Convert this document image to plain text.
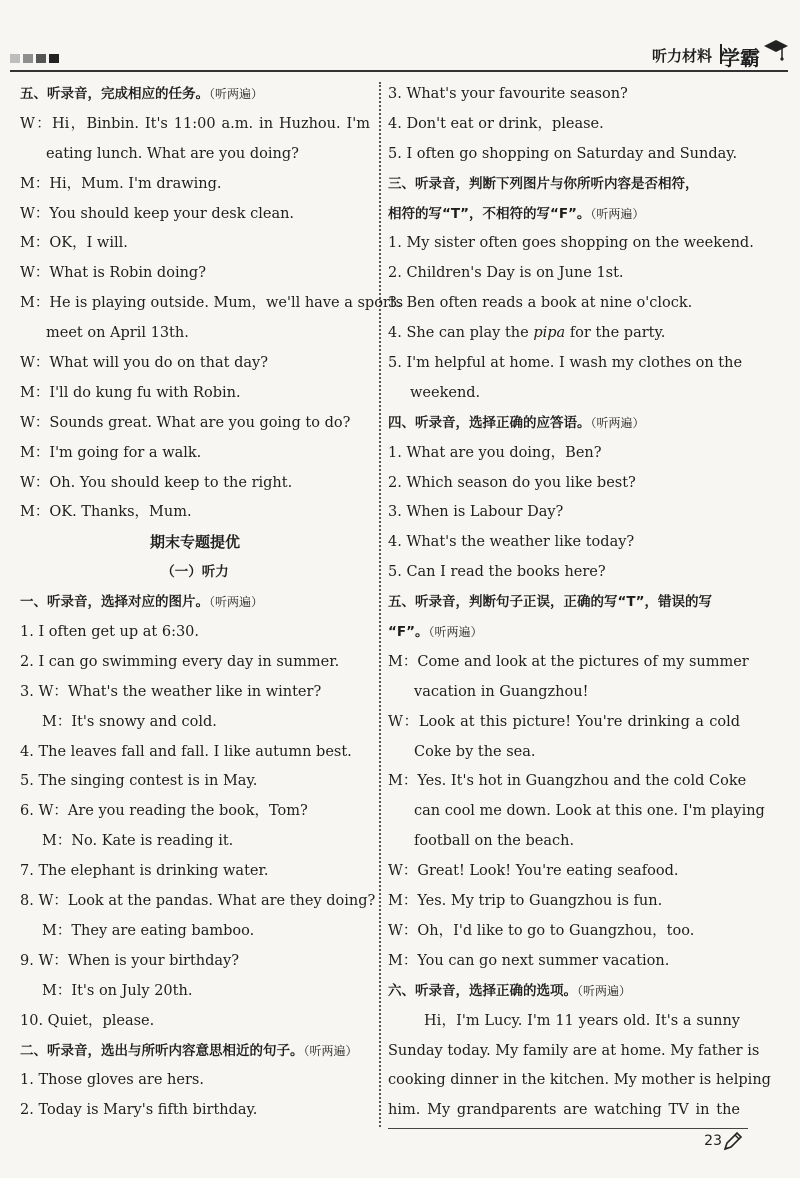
听力材料 学霸
五、听录音，完成相应的任务。（听两遍）
W：Hi，Binbin. It's 11:00 a.m. in Huzhou. I'm
eating lunch. What are you doing?
M：Hi，Mum. I'm drawing.
W：You should keep your desk clean.
M：OK，I will.
W：What is Robin doing?
M：He is playing outside. Mum，we'll have a sports
meet on April 13th.
W：What will you do on that day?
M：I'll do kung fu with Robin.
W：Sounds great. What are you going to do?
M：I'm going for a walk.
W：Oh. You should keep to the right.
M：OK. Thanks，Mum.
期末专题提优
（一）听力
一、听录音，选择对应的图片。（听两遍）
1. I often get up at 6:30.
2. I can go swimming every day in summer.
3. W：What's the weather like in winter?
M：It's snowy and cold.
4. The leaves fall and fall. I like autumn best.
5. The singing contest is in May.
6. W：Are you reading the book，Tom?
M：No. Kate is reading it.
7. The elephant is drinking water.
8. W：Look at the pandas. What are they doing?
M：They are eating bamboo.
9. W：When is your birthday?
M：It's on July 20th.
10. Quiet，please.
二、听录音，选出与所听内容意思相近的句子。（听两遍）
1. Those gloves are hers.
2. Today is Mary's fifth birthday.
3. What's your favourite season?
4. Don't eat or drink，please.
5. I often go shopping on Saturday and Sunday.
三、听录音，判断下列图片与你所听内容是否相符，
相符的写“T”，不相符的写“F”。（听两遍）
1. My sister often goes shopping on the weekend.
2. Children's Day is on June 1st.
3. Ben often reads a book at nine o'clock.
4. She can play the pipa for the party.
5. I'm helpful at home. I wash my clothes on the
weekend.
四、听录音，选择正确的应答语。（听两遍）
1. What are you doing，Ben?
2. Which season do you like best?
3. When is Labour Day?
4. What's the weather like today?
5. Can I read the books here?
五、听录音，判断句子正误，正确的写“T”，错误的写
“F”。（听两遍）
M：Come and look at the pictures of my summer
vacation in Guangzhou!
W：Look at this picture! You're drinking a cold
Coke by the sea.
M：Yes. It's hot in Guangzhou and the cold Coke
can cool me down. Look at this one. I'm playing
football on the beach.
W：Great! Look! You're eating seafood.
M：Yes. My trip to Guangzhou is fun.
W：Oh，I'd like to go to Guangzhou，too.
M：You can go next summer vacation.
六、听录音，选择正确的选项。（听两遍）
Hi，I'm Lucy. I'm 11 years old. It's a sunny
Sunday today. My family are at home. My father is
cooking dinner in the kitchen. My mother is helping
him. My grandparents are watching TV in the
23
